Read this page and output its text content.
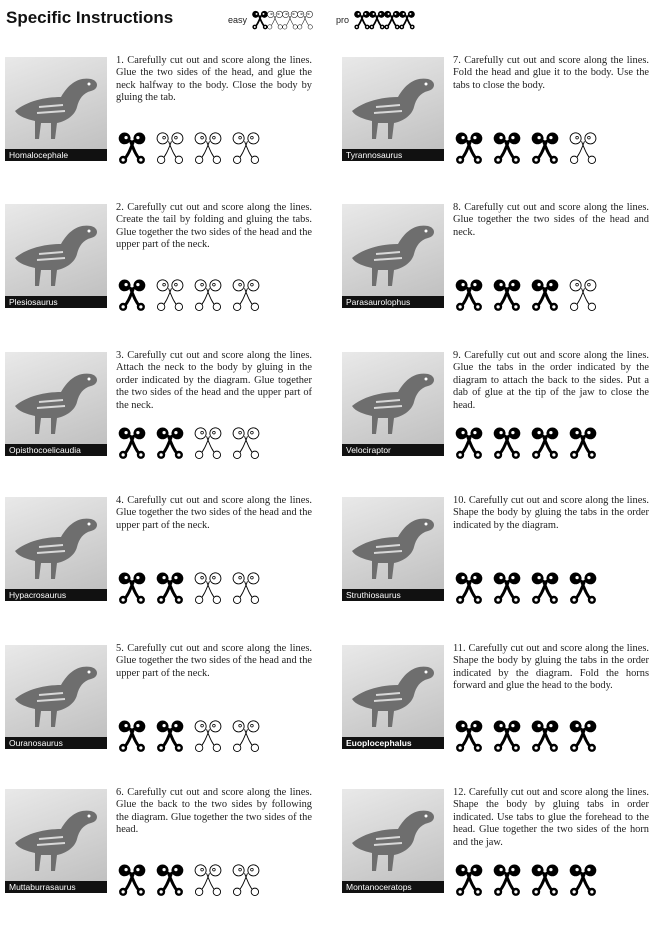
Specific Instructions	easy	pro
Homalocephale
1. Carefully cut out and score along the lines. Glue the two sides of the head, and glue the neck halfway to the body. Close the body by gluing the tab.
Plesiosaurus
2. Carefully cut out and score along the lines. Create the tail by folding and gluing the tabs. Glue together the two sides of the head and the upper part of the neck.
Opisthocoelicaudia
3. Carefully cut out and score along the lines. Attach the neck to the body by gluing in the order indicated by the diagram. Glue together the two sides of the head and the upper part of the neck.
Hypacrosaurus
4. Carefully cut out and score along the lines. Glue together the two sides of the head and the upper part of the neck.
Ouranosaurus
5. Carefully cut out and score along the lines. Glue together the two sides of the head and the upper part of the neck.
Muttaburrasaurus
6. Carefully cut out and score along the lines. Glue the back to the two sides by following the diagram. Glue together the two sides of the head.
Tyrannosaurus
7. Carefully cut out and score along the lines. Fold the head and glue it to the body. Use the tabs to close the body.
Parasaurolophus
8. Carefully cut out and score along the lines. Glue together the two sides of the head and neck.
Velociraptor
9. Carefully cut out and score along the lines. Glue the tabs in the order indicated by the diagram to attach the back to the sides. Put a dab of glue at the tip of the jaw to close the head.
Struthiosaurus
10. Carefully cut out and score along the lines. Shape the body by gluing the tabs in the order indicated by the diagram.
Euoplocephalus
11. Carefully cut out and score along the lines. Shape the body by gluing the tabs in the order indicated by the diagram. Fold the horns forward and glue the head to the body.
Montanoceratops
12. Carefully cut out and score along the lines. Shape the body by gluing tabs in order indicated. Use tabs to glue the forehead to the head. Glue together the two sides of the horn and the jaw.
